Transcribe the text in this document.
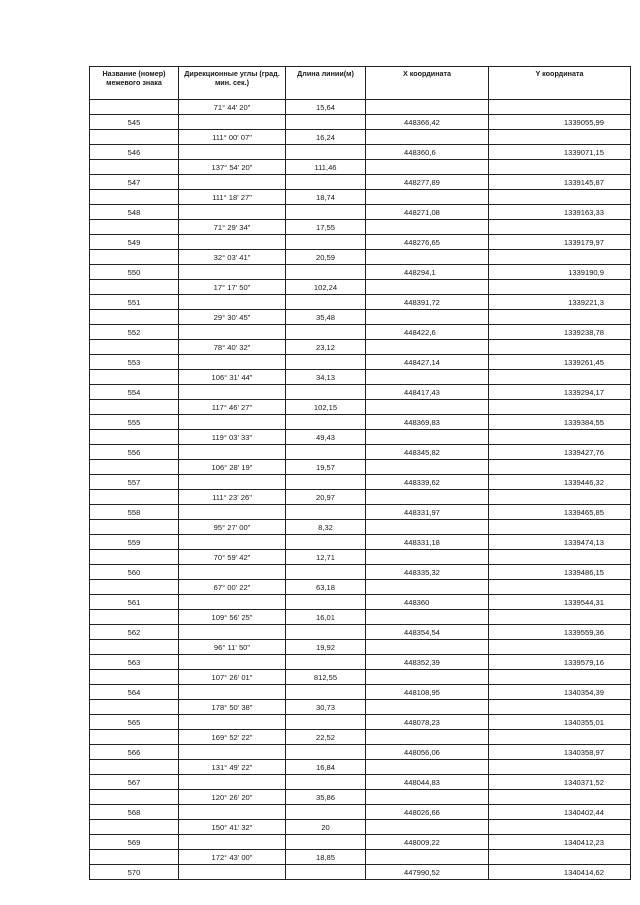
Название (номер) межевого знака	Дирекционные углы (град. мин. сек.)	Длина линии(м)	X координата	Y координата
	71° 44' 20"	15,64		
545			448366,42	1339055,99
	111° 00' 07"	16,24		
546			448360,6	1339071,15
	137° 54' 20"	111,46		
547			448277,89	1339145,87
	111° 18' 27"	18,74		
548			448271,08	1339163,33
	71° 29' 34"	17,55		
549			448276,65	1339179,97
	32° 03' 41"	20,59		
550			448294,1	1339190,9
	17° 17' 50"	102,24		
551			448391,72	1339221,3
	29° 30' 45"	35,48		
552			448422,6	1339238,78
	78° 40' 32"	23,12		
553			448427,14	1339261,45
	106° 31' 44"	34,13		
554			448417,43	1339294,17
	117° 46' 27"	102,15		
555			448369,83	1339384,55
	119° 03' 33"	49,43		
556			448345,82	1339427,76
	106° 28' 19"	19,57		
557			448339,62	1339446,32
	111° 23' 26"	20,97		
558			448331,97	1339465,85
	95° 27' 00"	8,32		
559			448331,18	1339474,13
	70° 59' 42"	12,71		
560			448335,32	1339486,15
	67° 00' 22"	63,18		
561			448360	1339544,31
	109° 56' 25"	16,01		
562			448354,54	1339559,36
	96° 11' 50"	19,92		
563			448352,39	1339579,16
	107° 26' 01"	812,55		
564			448108,95	1340354,39
	178° 50' 38"	30,73		
565			448078,23	1340355,01
	169° 52' 22"	22,52		
566			448056,06	1340358,97
	131° 49' 22"	16,84		
567			448044,83	1340371,52
	120° 26' 20"	35,86		
568			448026,66	1340402,44
	150° 41' 32"	20		
569			448009,22	1340412,23
	172° 43' 00"	18,85		
570			447990,52	1340414,62
